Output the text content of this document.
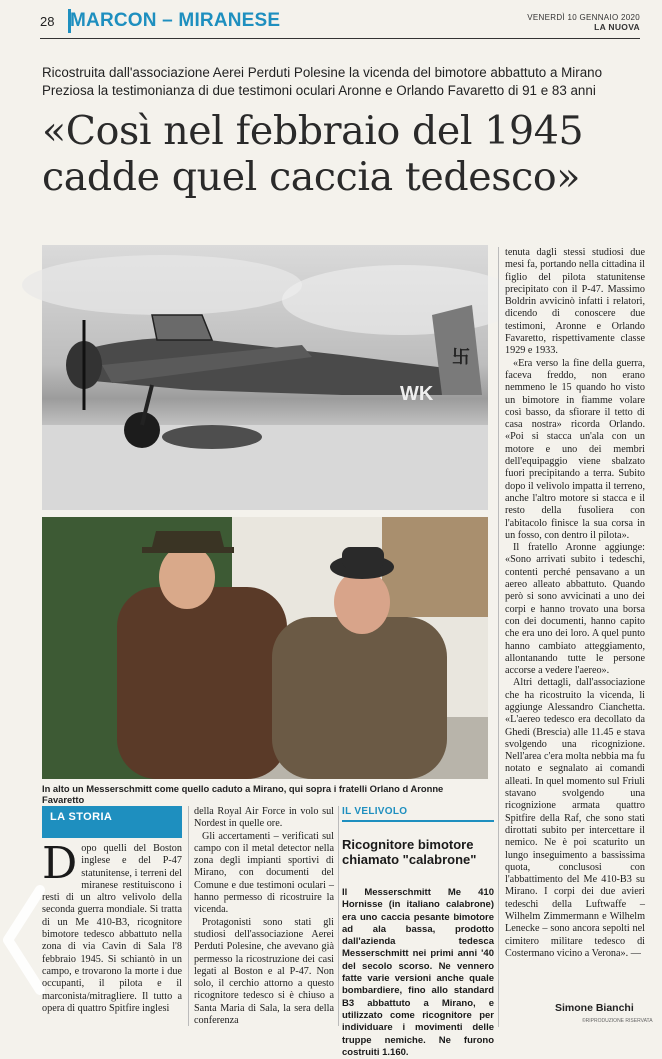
28 MARCON – MIRANESE	VENERDÌ 10 GENNAIO 2020
LA NUOVA
Ricostruita dall'associazione Aerei Perduti Polesine la vicenda del bimotore abbattuto a Mirano Preziosa la testimonianza di due testimoni oculari Aronne e Orlando Favaretto di 91 e 83 anni
«Così nel febbraio del 1945
cadde quel caccia tedesco»
卐
WK
In alto un Messerschmitt come quello caduto a Mirano, qui sopra i fratelli Orlano d Aronne Favaretto

tenuta dagli stessi studiosi due mesi fa, portando nella cittadina il figlio del pilota statunitense precipitato con il P-47. Massimo Boldrin avvicinò infatti i relatori, dicendo di conoscere due testimoni, Aronne e Orlando Favaretto, rispettivamente classe 1929 e 1933.

«Era verso la fine della guerra, faceva freddo, non erano nemmeno le 15 quando ho visto un bimotore in fiamme volare così basso, da sfiorare il tetto di casa nostra» ricorda Orlando. «Poi si stacca un'ala con un motore e uno dei membri dell'equipaggio viene sbalzato fuori precipitando a terra. Subito dopo il velivolo impatta il terreno, anche l'altro motore si stacca e il resto della fusoliera con l'abitacolo finisce la sua corsa in un fosso, con dentro il pilota».

Il fratello Aronne aggiunge: «Sono arrivati subito i tedeschi, contenti perché pensavano a un aereo alleato abbattuto. Quando però si sono avvicinati a uno dei corpi e hanno trovato una borsa con dei documenti, hanno capito che era uno dei loro. A quel punto hanno cambiato atteggiamento, allontanando tutte le persone accorse a vedere l'aereo».

Altri dettagli, dall'associazione che ha ricostruito la vicenda, li aggiunge Alessandro Cianchetta. «L'aereo tedesco era decollato da Ghedi (Brescia) alle 11.45 e stava svolgendo una ricognizione. Nell'area c'era molta nebbia ma fu notato e segnalato ai comandi alleati. In quel momento sul Friuli stavano svolgendo una ricognizione armata quattro Spitfire della Raf, che sono stati dirottati subito per intercettare il nemico. Ne è poi scaturito un lungo inseguimento a bassissima quota, conclusosi con l'abbattimento del Me 410-B3 su Mirano. I corpi dei due avieri tedeschi della Luftwaffe – Wilhelm Zimmermann e Wilhelm Lenecke – sono ancora sepolti nel cimitero militare tedesco di Costermano vicino a Verona». —

LA STORIA
D opo quelli del Boston inglese e del P-47 statunitense, i terreni del miranese restituiscono i resti di un altro velivolo della seconda guerra mondiale. Si tratta di un Me 410-B3, ricognitore bimotore tedesco abbattuto nella zona di via Cavin di Sala l'8 febbraio 1945. Si schiantò in un campo, e trovarono la morte i due occupanti, il pilota e il marconista/mitragliere. Il tutto a opera di quattro Spitfire inglesi

della Royal Air Force in volo sul Nordest in quelle ore.

Gli accertamenti – verificati sul campo con il metal detector nella zona degli impianti sportivi di Mirano, con documenti del Comune e due testimoni oculari – hanno permesso di ricostruire la vicenda.

Protagonisti sono stati gli studiosi dell'associazione Aerei Perduti Polesine, che avevano già permesso la ricostruzione dei casi legati al Boston e al P-47. Non solo, il cerchio attorno a questo ricognitore tedesco si è chiuso a Santa Maria di Sala, la sera della conferenza

IL VELIVOLO
Ricognitore bimotore chiamato "calabrone"
Il Messerschmitt Me 410 Hornisse (in italiano calabrone) era uno caccia pesante bimotore ad ala bassa, prodotto dall'azienda tedesca Messerschmitt nei primi anni '40 del secolo scorso. Ne vennero fatte varie versioni anche quale bombardiere, fino allo standard B3 abbattuto a Mirano, e utilizzato come ricognitore per individuare i movimenti delle truppe nemiche. Ne furono costruiti 1.160.
Simone Bianchi
©RIPRODUZIONE RISERVATA
